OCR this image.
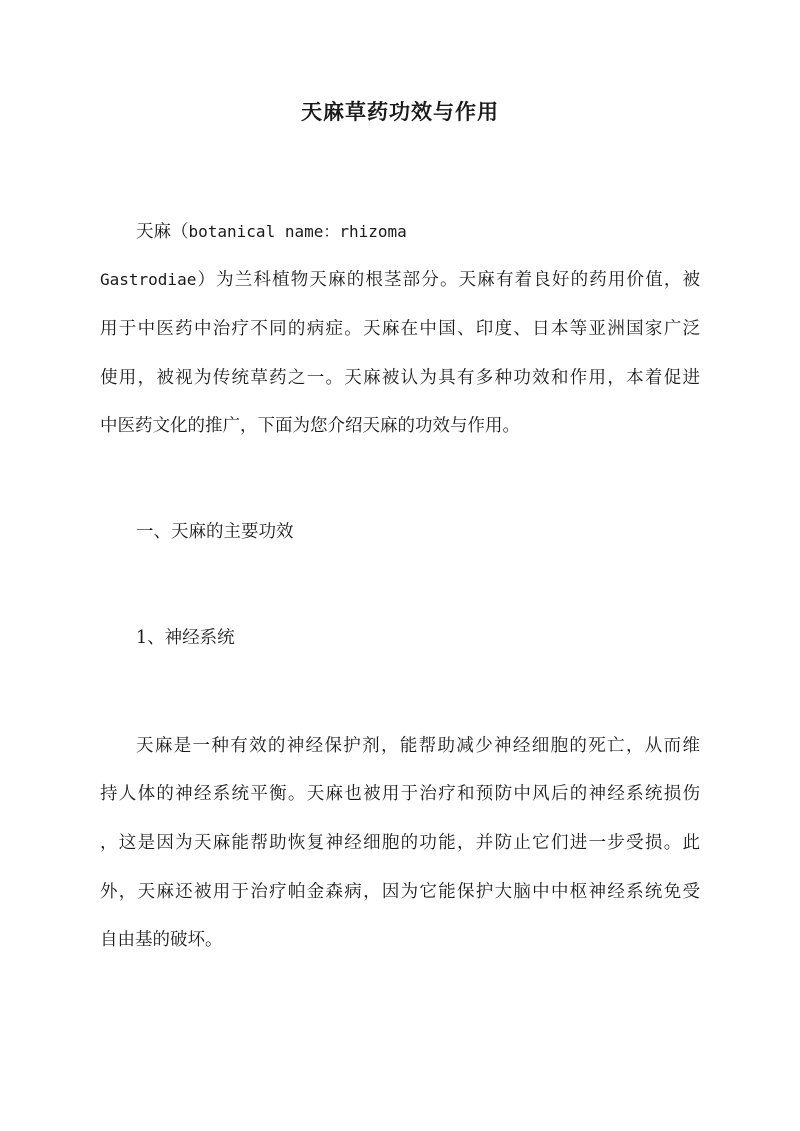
天麻草药功效与作用

天麻（botanical name：rhizoma

Gastrodiae）为兰科植物天麻的根茎部分。天麻有着良好的药用价值，被

用于中医药中治疗不同的病症。天麻在中国、印度、日本等亚洲国家广泛

使用，被视为传统草药之一。天麻被认为具有多种功效和作用，本着促进

中医药文化的推广，下面为您介绍天麻的功效与作用。

一、天麻的主要功效

1、神经系统

天麻是一种有效的神经保护剂，能帮助减少神经细胞的死亡，从而维

持人体的神经系统平衡。天麻也被用于治疗和预防中风后的神经系统损伤

，这是因为天麻能帮助恢复神经细胞的功能，并防止它们进一步受损。此

外，天麻还被用于治疗帕金森病，因为它能保护大脑中中枢神经系统免受

自由基的破坏。
